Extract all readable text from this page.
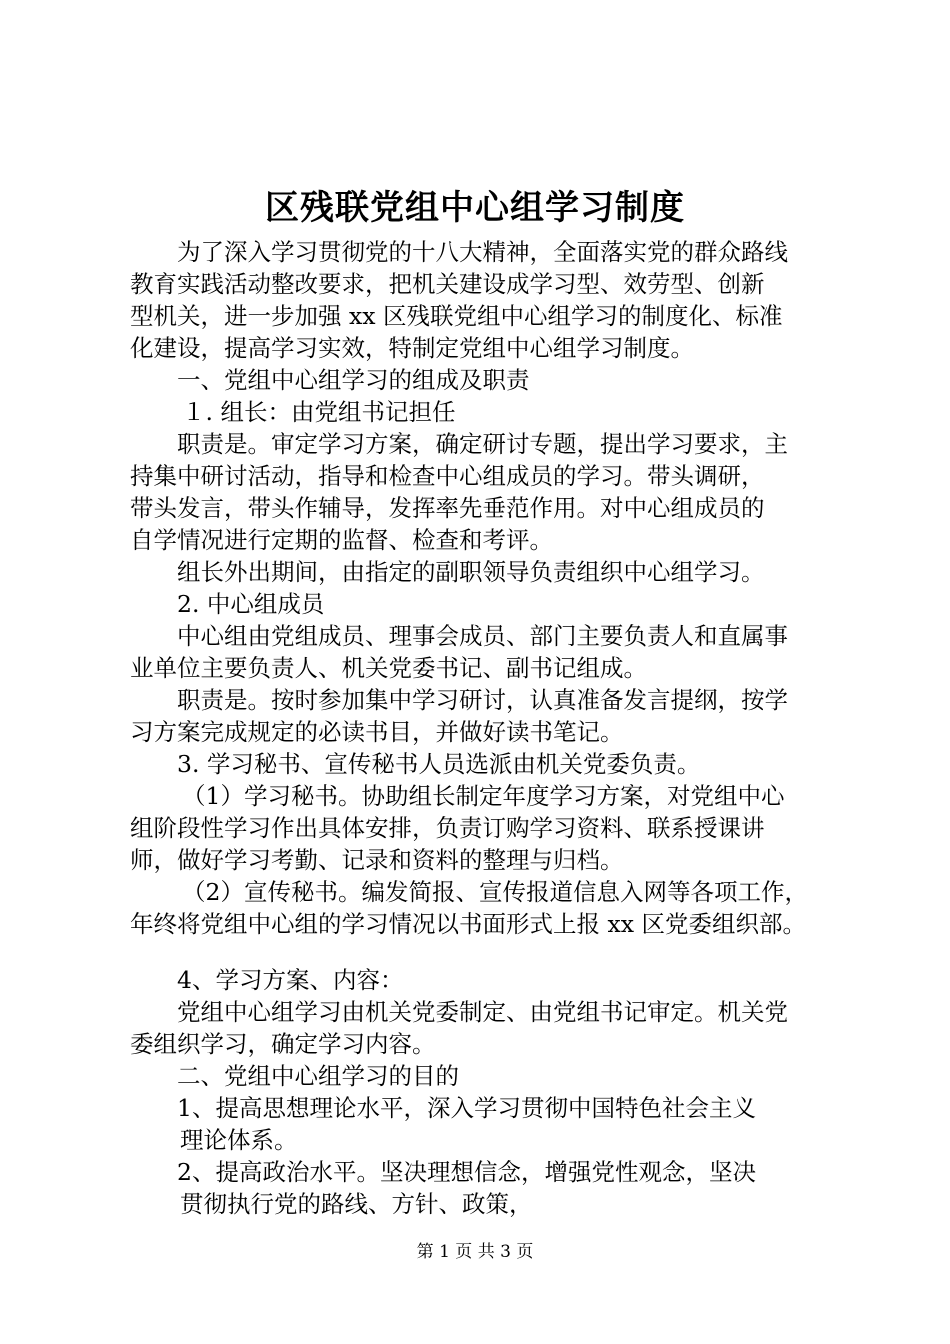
区残联党组中心组学习制度

为了深入学习贯彻党的十八大精神，全面落实党的群众路线

教育实践活动整改要求，把机关建设成学习型、效劳型、创新

型机关，进一步加强 xx 区残联党组中心组学习的制度化、标准

化建设，提高学习实效，特制定党组中心组学习制度。

一、党组中心组学习的组成及职责

１. 组长：由党组书记担任

职责是。审定学习方案，确定研讨专题，提出学习要求，主

持集中研讨活动，指导和检查中心组成员的学习。带头调研，

带头发言，带头作辅导，发挥率先垂范作用。对中心组成员的

自学情况进行定期的监督、检查和考评。

组长外出期间，由指定的副职领导负责组织中心组学习。

2. 中心组成员

中心组由党组成员、理事会成员、部门主要负责人和直属事

业单位主要负责人、机关党委书记、副书记组成。

职责是。按时参加集中学习研讨，认真准备发言提纲，按学

习方案完成规定的必读书目，并做好读书笔记。

3. 学习秘书、宣传秘书人员选派由机关党委负责。

（1）学习秘书。协助组长制定年度学习方案，对党组中心

组阶段性学习作出具体安排，负责订购学习资料、联系授课讲

师，做好学习考勤、记录和资料的整理与归档。

（2）宣传秘书。编发简报、宣传报道信息入网等各项工作，

年终将党组中心组的学习情况以书面形式上报 xx 区党委组织部。

4、学习方案、内容：

党组中心组学习由机关党委制定、由党组书记审定。机关党

委组织学习，确定学习内容。

二、党组中心组学习的目的

1、提高思想理论水平，深入学习贯彻中国特色社会主义

理论体系。

2、提高政治水平。坚决理想信念，增强党性观念，坚决

贯彻执行党的路线、方针、政策，

第 1 页 共 3 页
